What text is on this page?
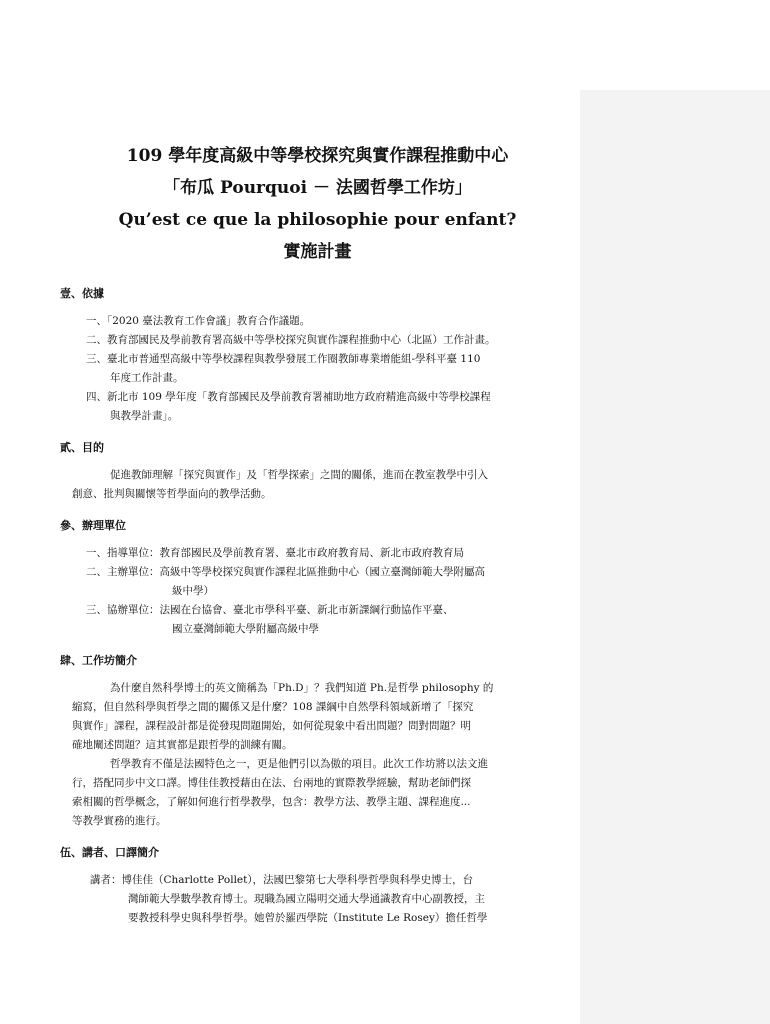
109 學年度高級中等學校探究與實作課程推動中心
「布瓜 Pourquoi － 法國哲學工作坊」
Qu’est ce que la philosophie pour enfant?
實施計畫
壹、依據
一、「2020 臺法教育工作會議」教育合作議題。
二、教育部國民及學前教育署高級中等學校探究與實作課程推動中心（北區）工作計畫。
三、臺北市普通型高級中等學校課程與教學發展工作圈教師專業增能組-學科平臺 110
年度工作計畫。
四、新北市 109 學年度「教育部國民及學前教育署補助地方政府精進高級中等學校課程
與教學計畫」。
貳、目的
促進教師理解「探究與實作」及「哲學探索」之間的關係，進而在教室教學中引入
創意、批判與關懷等哲學面向的教學活動。
參、辦理單位
一、指導單位：教育部國民及學前教育署、臺北市政府教育局、新北市政府教育局
二、主辦單位：高級中等學校探究與實作課程北區推動中心（國立臺灣師範大學附屬高
級中學）
三、協辦單位：法國在台協會、臺北市學科平臺、新北市新課綱行動協作平臺、
國立臺灣師範大學附屬高級中學
肆、工作坊簡介
為什麼自然科學博士的英文簡稱為「Ph.D」？我們知道 Ph.是哲學 philosophy 的
縮寫，但自然科學與哲學之間的關係又是什麼？108 課綱中自然學科領域新增了「探究
與實作」課程，課程設計都是從發現問題開始，如何從現象中看出問題？問對問題？明
確地闡述問題？這其實都是跟哲學的訓練有關。
哲學教育不僅是法國特色之一，更是他們引以為傲的項目。此次工作坊將以法文進
行，搭配同步中文口譯。博佳佳教授藉由在法、台兩地的實際教學經驗，幫助老師們探
索相關的哲學概念，了解如何進行哲學教學，包含：教學方法、教學主題、課程進度...
等教學實務的進行。
伍、講者、口譯簡介
講者：博佳佳（Charlotte Pollet），法國巴黎第七大學科學哲學與科學史博士，台
灣師範大學數學教育博士。現職為國立陽明交通大學通識教育中心副教授，主
要教授科學史與科學哲學。她曾於羅西學院（Institute Le Rosey）擔任哲學
